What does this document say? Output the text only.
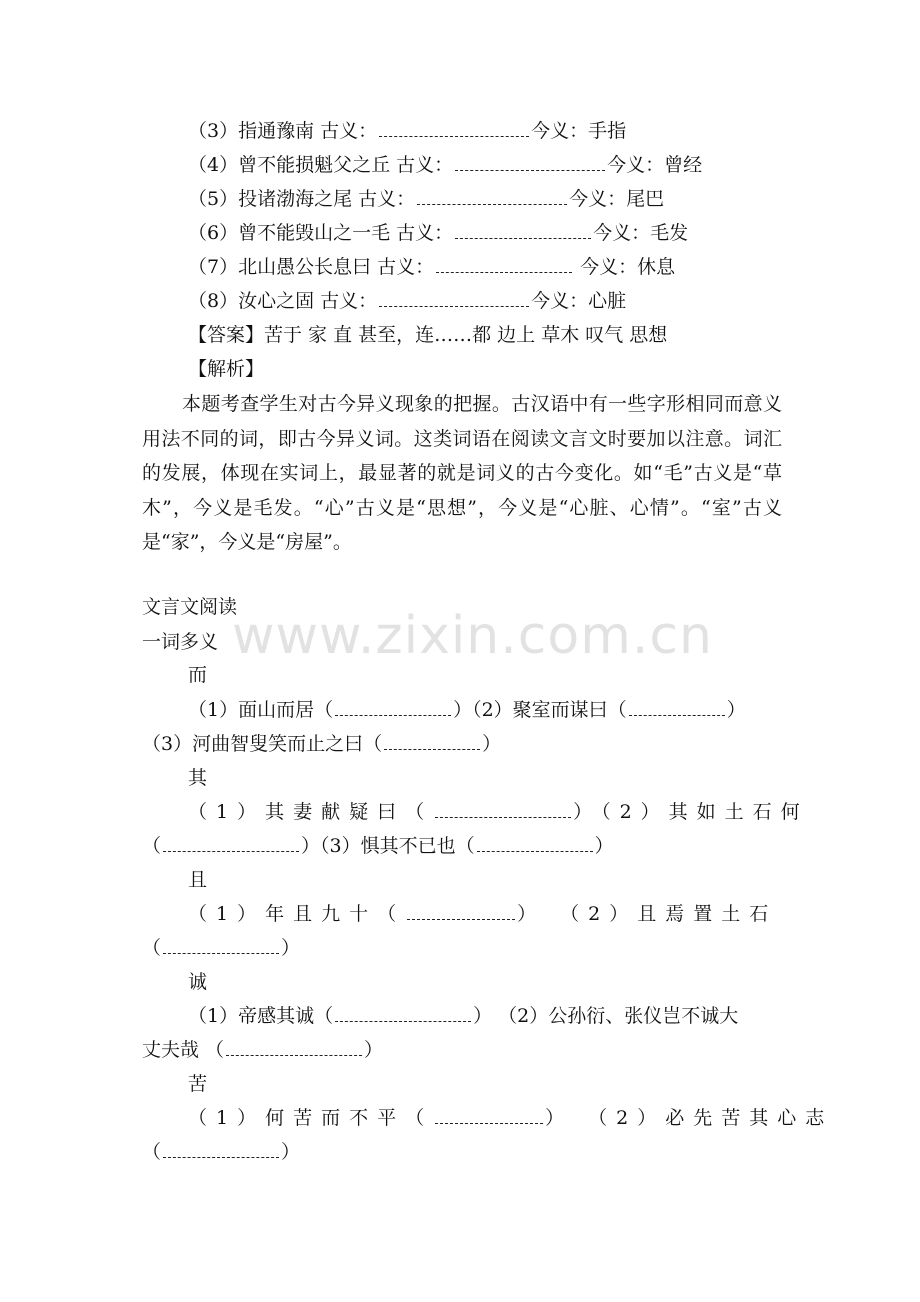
（3）指通豫南 古义：	今义：手指
（4）曾不能损魁父之丘 古义：	今义：曾经
（5）投诸渤海之尾 古义：	今义：尾巴
（6）曾不能毁山之一毛 古义：	今义：毛发
（7）北山愚公长息曰 古义：	今义：休息
（8）汝心之固 古义：	今义：心脏
【答案】苦于 家 直 甚至，连……都 边上 草木 叹气 思想
【解析】
本题考查学生对古今异义现象的把握。古汉语中有一些字形相同而意义用法不同的词，即古今异义词。这类词语在阅读文言文时要加以注意。词汇的发展，体现在实词上，最显著的就是词义的古今变化。如“毛”古义是“草木”，今义是毛发。“心”古义是“思想”，今义是“心脏、心情”。“室”古义是“家”，今义是“房屋”。
文言文阅读
一词多义
而
（1）面山而居（	）（2）聚室而谋曰（	）
（3）河曲智叟笑而止之曰（	）
其
（1）其妻献疑曰（	）（2）其如土石何
（	）（3）惧其不已也（	）
且
（1）年且九十（	） （2）且焉置土石
（	）
诚
（1）帝感其诚（	） （2）公孙衍、张仪岂不诚大
丈夫哉 （	）
苦
（1）何苦而不平（	） （2）必先苦其心志
（	）
www.zixin.com.cn
